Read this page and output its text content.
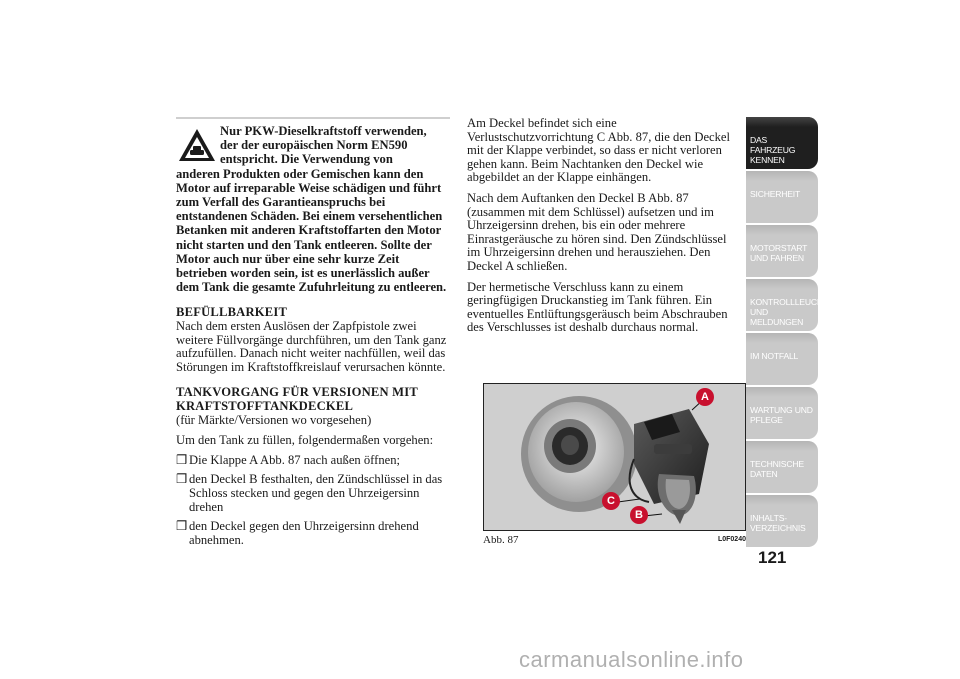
Nur PKW-Dieselkraftstoff verwenden,
der der europäischen Norm EN590
entspricht. Die Verwendung von
anderen Produkten oder Gemischen kann den Motor auf irreparable Weise schädigen und führt zum Verfall des Garantieanspruchs bei entstandenen Schäden. Bei einem versehentlichen Betanken mit anderen Kraftstoffarten den Motor nicht starten und den Tank entleeren. Sollte der Motor auch nur über eine sehr kurze Zeit betrieben worden sein, ist es unerlässlich außer dem Tank die gesamte Zufuhrleitung zu entleeren.
BEFÜLLBARKEIT

Nach dem ersten Auslösen der Zapfpistole zwei weitere Füllvorgänge durchführen, um den Tank ganz aufzufüllen. Danach nicht weiter nachfüllen, weil das Störungen im Kraftstoffkreislauf verursachen könnte.

TANKVORGANG FÜR VERSIONEN MIT KRAFTSTOFFTANKDECKEL

(für Märkte/Versionen wo vorgesehen)

Um den Tank zu füllen, folgendermaßen vorgehen:

❒ Die Klappe A Abb. 87 nach außen öffnen;
❒ den Deckel B festhalten, den Zündschlüssel in das Schloss stecken und gegen den Uhrzeigersinn drehen
❒ den Deckel gegen den Uhrzeigersinn drehend abnehmen.

Am Deckel befindet sich eine Verlustschutzvorrichtung C Abb. 87, die den Deckel mit der Klappe verbindet, so dass er nicht verloren gehen kann. Beim Nachtanken den Deckel wie abgebildet an der Klappe einhängen.

Nach dem Auftanken den Deckel B Abb. 87 (zusammen mit dem Schlüssel) aufsetzen und im Uhrzeigersinn drehen, bis ein oder mehrere Einrastgeräusche zu hören sind. Den Zündschlüssel im Uhrzeigersinn drehen und herausziehen. Den Deckel A schließen.

Der hermetische Verschluss kann zu einem geringfügigen Druckanstieg im Tank führen. Ein eventuelles Entlüftungsgeräusch beim Abschrauben des Verschlusses ist deshalb durchaus normal.

A
C
B
Abb. 87	L0F0240
DAS FAHRZEUG KENNEN
SICHERHEIT
MOTORSTART UND FAHREN
KONTROLLLEUCHTEN UND MELDUNGEN
IM NOTFALL
WARTUNG UND PFLEGE
TECHNISCHE DATEN
INHALTS-VERZEICHNIS
121
carmanualsonline.info
